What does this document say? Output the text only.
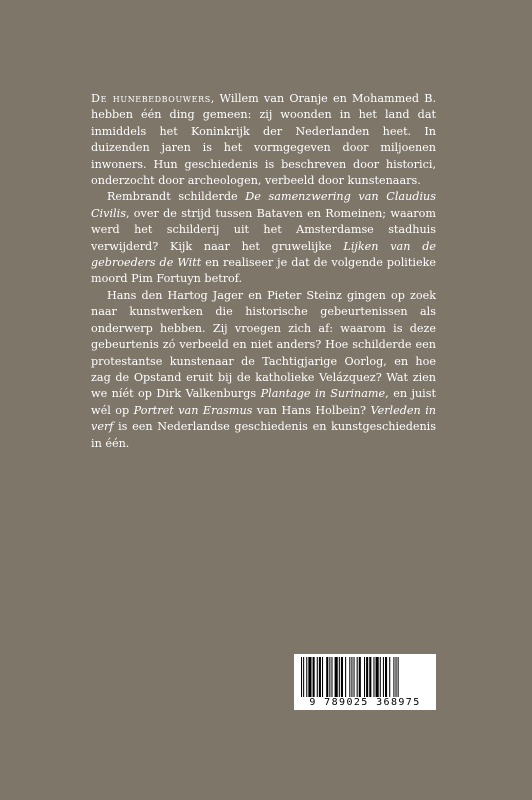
De hunebedbouwers, Willem van Oranje en Mohammed B. hebben één ding gemeen: zij woonden in het land dat inmiddels het Koninkrijk der Nederlanden heet. In duizenden jaren is het vormgegeven door miljoenen inwoners. Hun geschiedenis is beschreven door historici, onderzocht door archeologen, verbeeld door kunstenaars.

Rembrandt schilderde De samenzwering van Claudius Civilis, over de strijd tussen Bataven en Romeinen; waarom werd het schilderij uit het Amsterdamse stadhuis verwijderd? Kijk naar het gruwelijke Lijken van de gebroeders de Witt en realiseer je dat de volgende politieke moord Pim Fortuyn betrof.

Hans den Hartog Jager en Pieter Steinz gingen op zoek naar kunstwerken die historische gebeurtenissen als onderwerp hebben. Zij vroegen zich af: waarom is deze gebeurtenis zó verbeeld en niet anders? Hoe schilderde een protestantse kunstenaar de Tachtigjarige Oorlog, en hoe zag de Opstand eruit bij de katholieke Velázquez? Wat zien we níét op Dirk Valkenburgs Plantage in Suriname, en juist wél op Portret van Erasmus van Hans Holbein? Verleden in verf is een Nederlandse geschiedenis en kunstgeschiedenis in één.

9 789025 368975
